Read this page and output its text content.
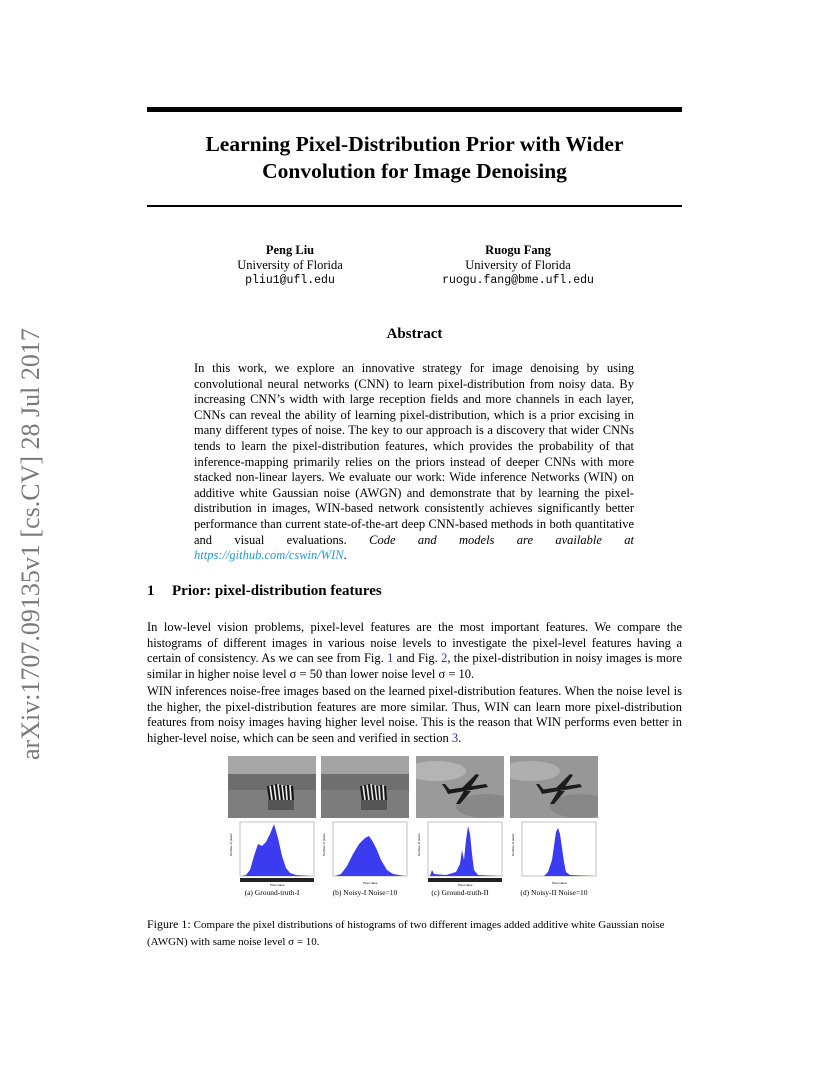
Learning Pixel-Distribution Prior with Wider
Convolution for Image Denoising
Peng Liu
University of Florida
pliu1@ufl.edu
Ruogu Fang
University of Florida
ruogu.fang@bme.ufl.edu
arXiv:1707.09135v1 [cs.CV] 28 Jul 2017	Abstract
In this work, we explore an innovative strategy for image denoising by using convolutional neural networks (CNN) to learn pixel-distribution from noisy data. By increasing CNN’s width with large reception fields and more channels in each layer, CNNs can reveal the ability of learning pixel-distribution, which is a prior excising in many different types of noise. The key to our approach is a discovery that wider CNNs tends to learn the pixel-distribution features, which provides the probability of that inference-mapping primarily relies on the priors instead of deeper CNNs with more stacked non-linear layers. We evaluate our work: Wide inference Networks (WIN) on additive white Gaussian noise (AWGN) and demonstrate that by learning the pixel-distribution in images, WIN-based network consistently achieves significantly better performance than current state-of-the-art deep CNN-based methods in both quantitative and visual evaluations. Code and models are available at https://github.com/cswin/WIN.
1 Prior: pixel-distribution features
In low-level vision problems, pixel-level features are the most important features. We compare the histograms of different images in various noise levels to investigate the pixel-level features having a certain of consistency. As we can see from Fig. 1 and Fig. 2, the pixel-distribution in noisy images is more similar in higher noise level σ = 50 than lower noise level σ = 10.
WIN inferences noise-free images based on the learned pixel-distribution features. When the noise level is the higher, the pixel-distribution features are more similar. Thus, WIN can learn more pixel-distribution features from noisy images having higher level noise. This is the reason that WIN performs even better in higher-level noise, which can be seen and verified in section 3.
Number of pixels
Pixel value
Number of pixels
Pixel value
Number of pixels
Pixel value
Number of pixels
Pixel value
(a) Ground-truth-I	(b) Noisy-I Noise=10	(c) Ground-truth-II	(d) Noisy-II Noise=10
Figure 1: Compare the pixel distributions of histograms of two different images added additive white Gaussian noise (AWGN) with same noise level σ = 10.
